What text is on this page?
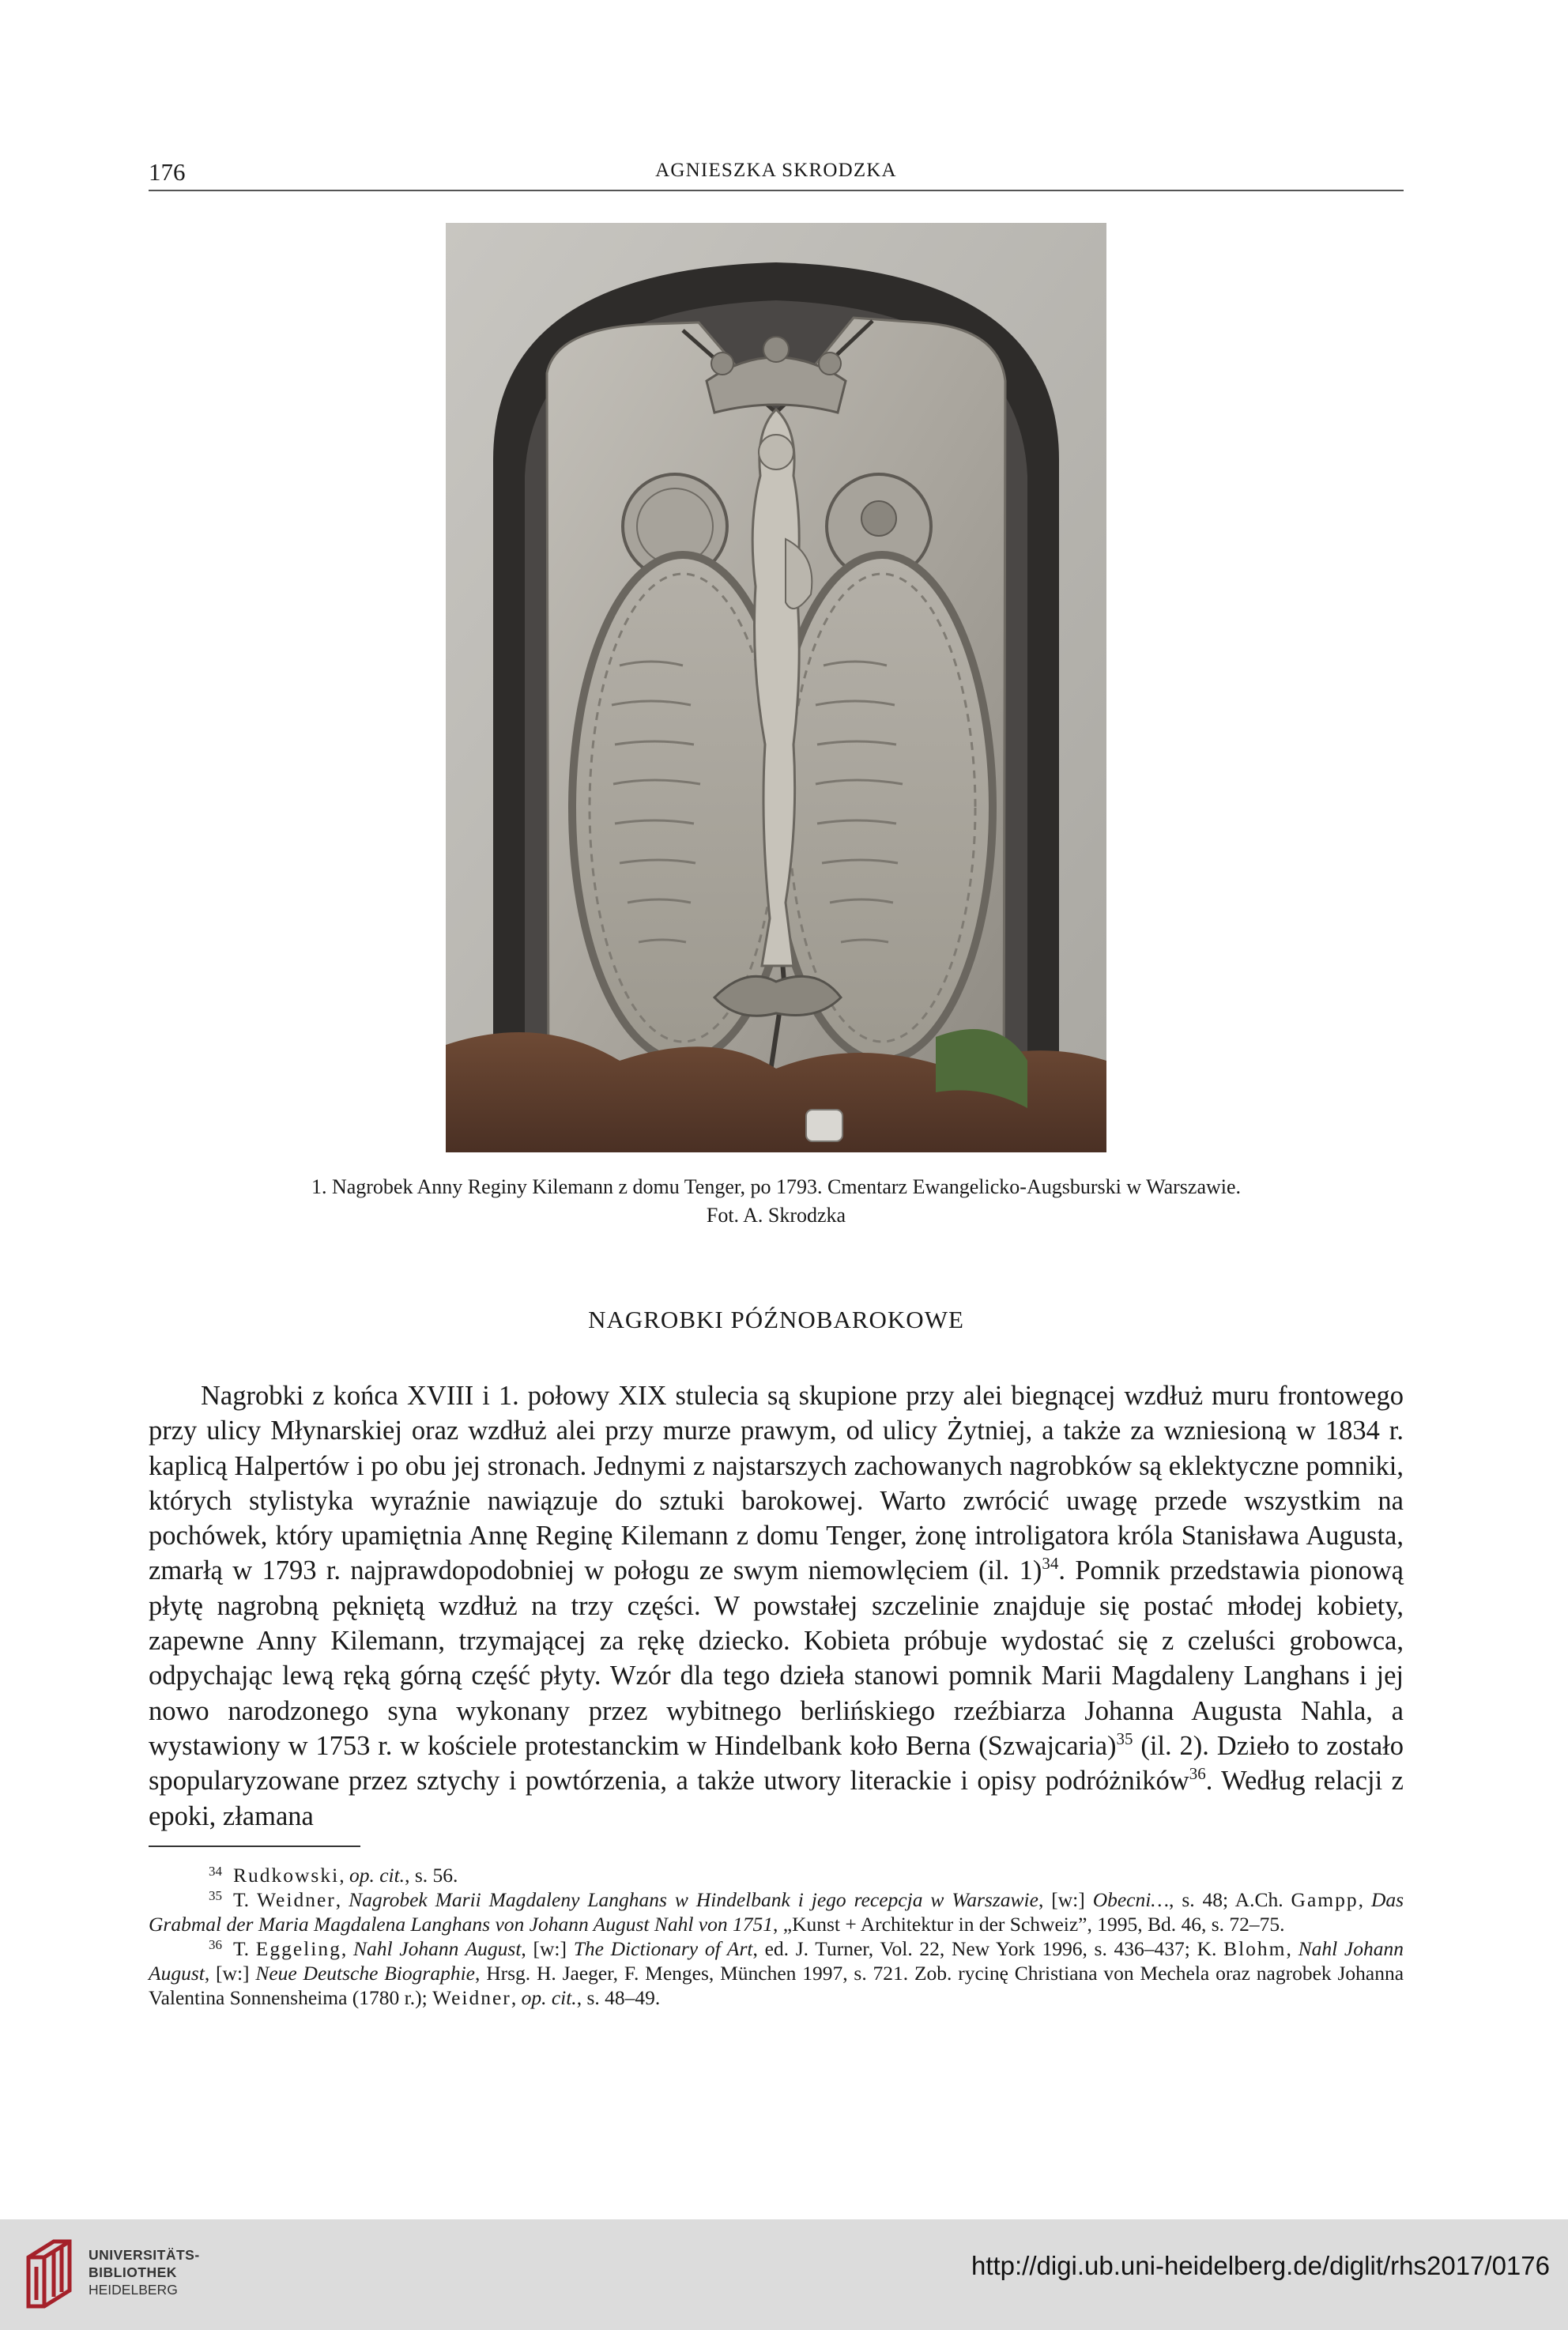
176	AGNIESZKA SKRODZKA
1. Nagrobek Anny Reginy Kilemann z domu Tenger, po 1793. Cmentarz Ewangelicko-Augsburski w Warszawie.
Fot. A. Skrodzka
NAGROBKI PÓŹNOBAROKOWE

Nagrobki z końca XVIII i 1. połowy XIX stulecia są skupione przy alei biegnącej wzdłuż muru frontowego przy ulicy Młynarskiej oraz wzdłuż alei przy murze prawym, od ulicy Żytniej, a także za wzniesioną w 1834 r. kaplicą Halpertów i po obu jej stronach. Jednymi z najstarszych zachowanych nagrobków są eklektyczne pomniki, których stylistyka wyraźnie nawiązuje do sztuki barokowej. Warto zwrócić uwagę przede wszystkim na pochówek, który upamiętnia Annę Reginę Kilemann z domu Tenger, żonę introligatora króla Stanisława Augusta, zmarłą w 1793 r. najprawdopodobniej w połogu ze swym niemowlęciem (il. 1)$^{34}$. Pomnik przedstawia pionową płytę nagrobną pękniętą wzdłuż na trzy części. W powstałej szczelinie znajduje się postać młodej kobiety, zapewne Anny Kilemann, trzymającej za rękę dziecko. Kobieta próbuje wydostać się z czeluści grobowca, odpychając lewą ręką górną część płyty. Wzór dla tego dzieła stanowi pomnik Marii Magdaleny Langhans i jej nowo narodzonego syna wykonany przez wybitnego berlińskiego rzeźbiarza Johanna Augusta Nahla, a wystawiony w 1753 r. w kościele protestanckim w Hindelbank koło Berna (Szwajcaria)$^{35}$ (il. 2). Dzieło to zostało spopularyzowane przez sztychy i powtórzenia, a także utwory literackie i opisy podróżników$^{36}$. Według relacji z epoki, złamana

$^{34}$ Rudkowski, op. cit., s. 56.

$^{35}$ T. Weidner, Nagrobek Marii Magdaleny Langhans w Hindelbank i jego recepcja w Warszawie, [w:] Obecni…, s. 48; A.Ch. Gampp, Das Grabmal der Maria Magdalena Langhans von Johann August Nahl von 1751, „Kunst + Architektur in der Schweiz”, 1995, Bd. 46, s. 72–75.

$^{36}$ T. Eggeling, Nahl Johann August, [w:] The Dictionary of Art, ed. J. Turner, Vol. 22, New York 1996, s. 436–437; K. Blohm, Nahl Johann August, [w:] Neue Deutsche Biographie, Hrsg. H. Jaeger, F. Menges, München 1997, s. 721. Zob. rycinę Christiana von Mechela oraz nagrobek Johanna Valentina Sonnensheima (1780 r.); Weidner, op. cit., s. 48–49.

UNIVERSITÄTS-
BIBLIOTHEK
HEIDELBERG
http://digi.ub.uni-heidelberg.de/diglit/rhs2017/0176
